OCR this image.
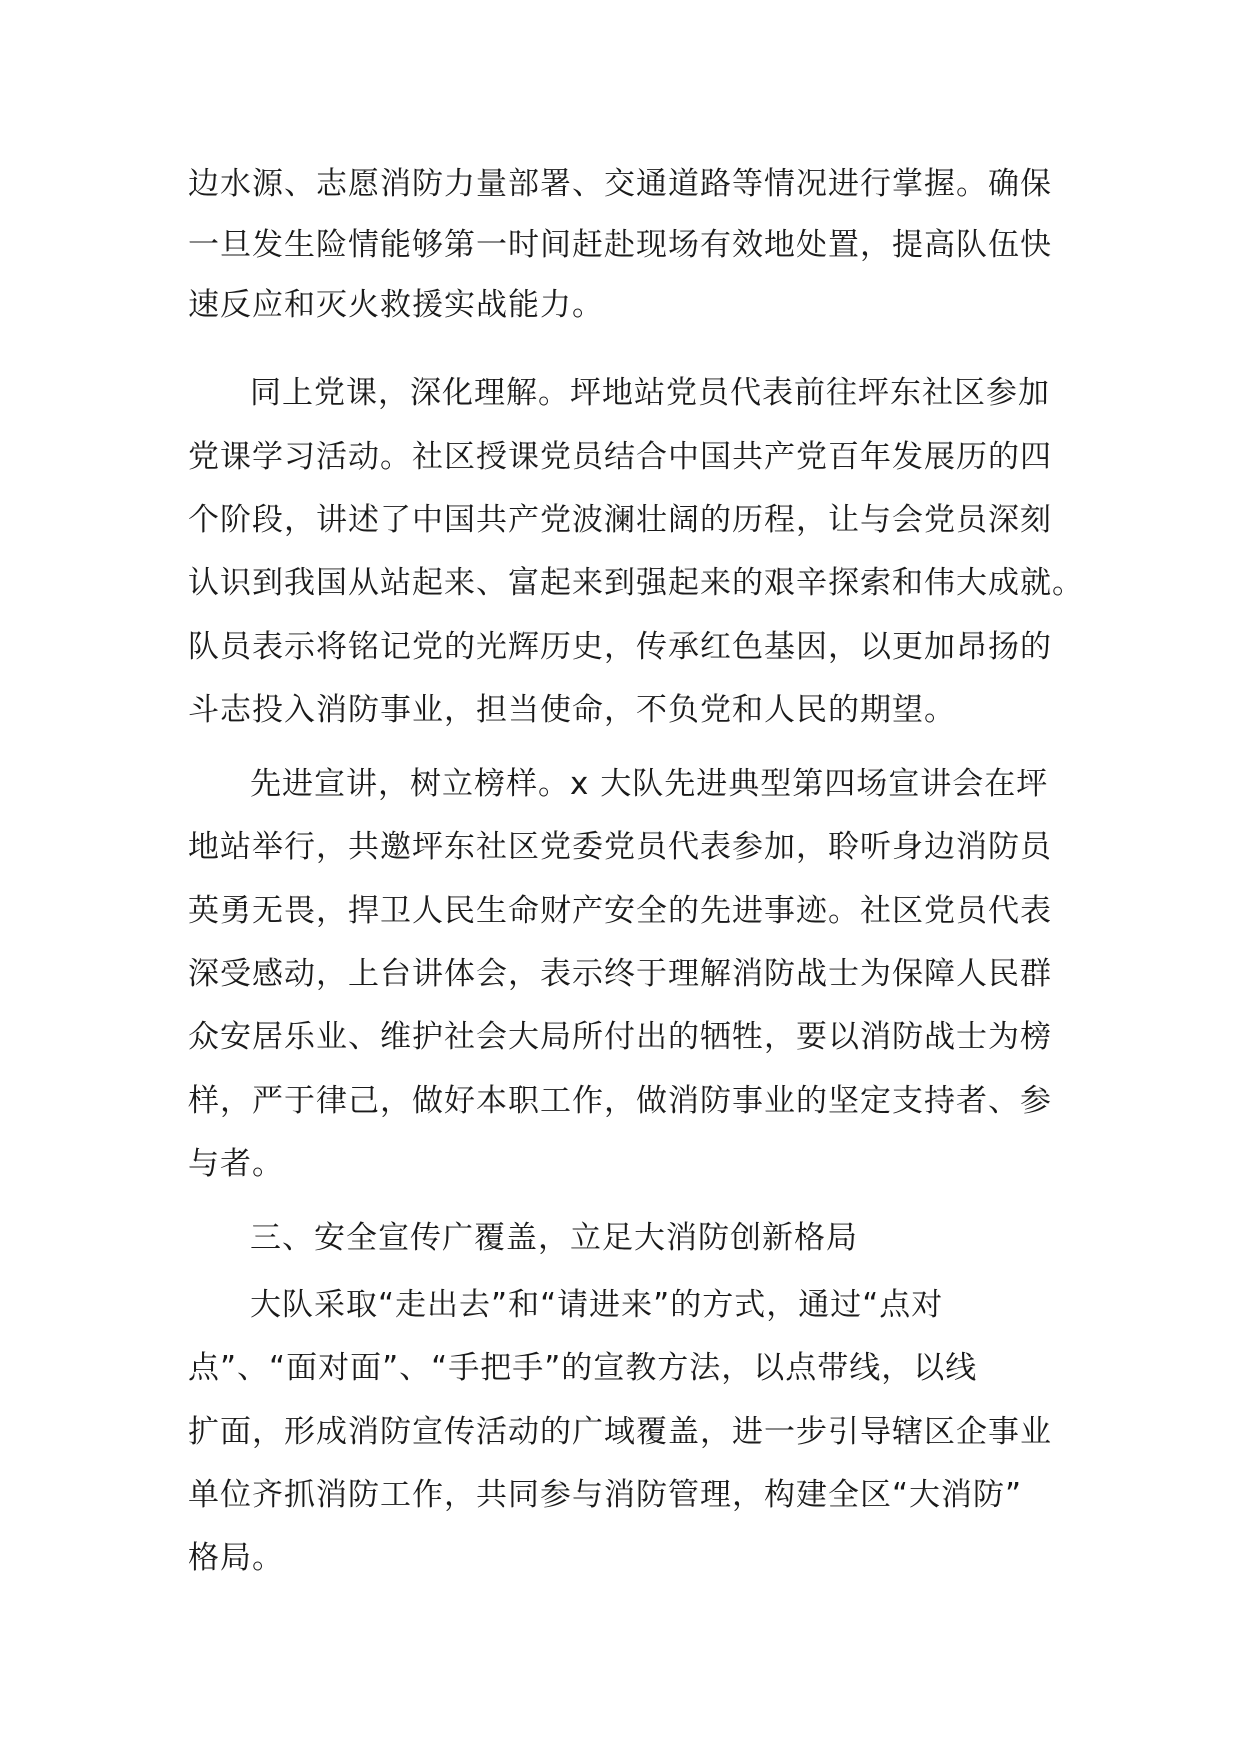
边水源、志愿消防力量部署、交通道路等情况进行掌握。确保

一旦发生险情能够第一时间赶赴现场有效地处置，提高队伍快

速反应和灭火救援实战能力。

同上党课，深化理解。坪地站党员代表前往坪东社区参加

党课学习活动。社区授课党员结合中国共产党百年发展历的四

个阶段，讲述了中国共产党波澜壮阔的历程，让与会党员深刻

认识到我国从站起来、富起来到强起来的艰辛探索和伟大成就。

队员表示将铭记党的光辉历史，传承红色基因，以更加昂扬的

斗志投入消防事业，担当使命，不负党和人民的期望。

先进宣讲，树立榜样。x 大队先进典型第四场宣讲会在坪

地站举行，共邀坪东社区党委党员代表参加，聆听身边消防员

英勇无畏，捍卫人民生命财产安全的先进事迹。社区党员代表

深受感动，上台讲体会，表示终于理解消防战士为保障人民群

众安居乐业、维护社会大局所付出的牺牲，要以消防战士为榜

样，严于律己，做好本职工作，做消防事业的坚定支持者、参

与者。

三、安全宣传广覆盖，立足大消防创新格局

大队采取“走出去”和“请进来”的方式，通过“点对

点”、“面对面”、“手把手”的宣教方法，以点带线，以线

扩面，形成消防宣传活动的广域覆盖，进一步引导辖区企事业

单位齐抓消防工作，共同参与消防管理，构建全区“大消防”

格局。
